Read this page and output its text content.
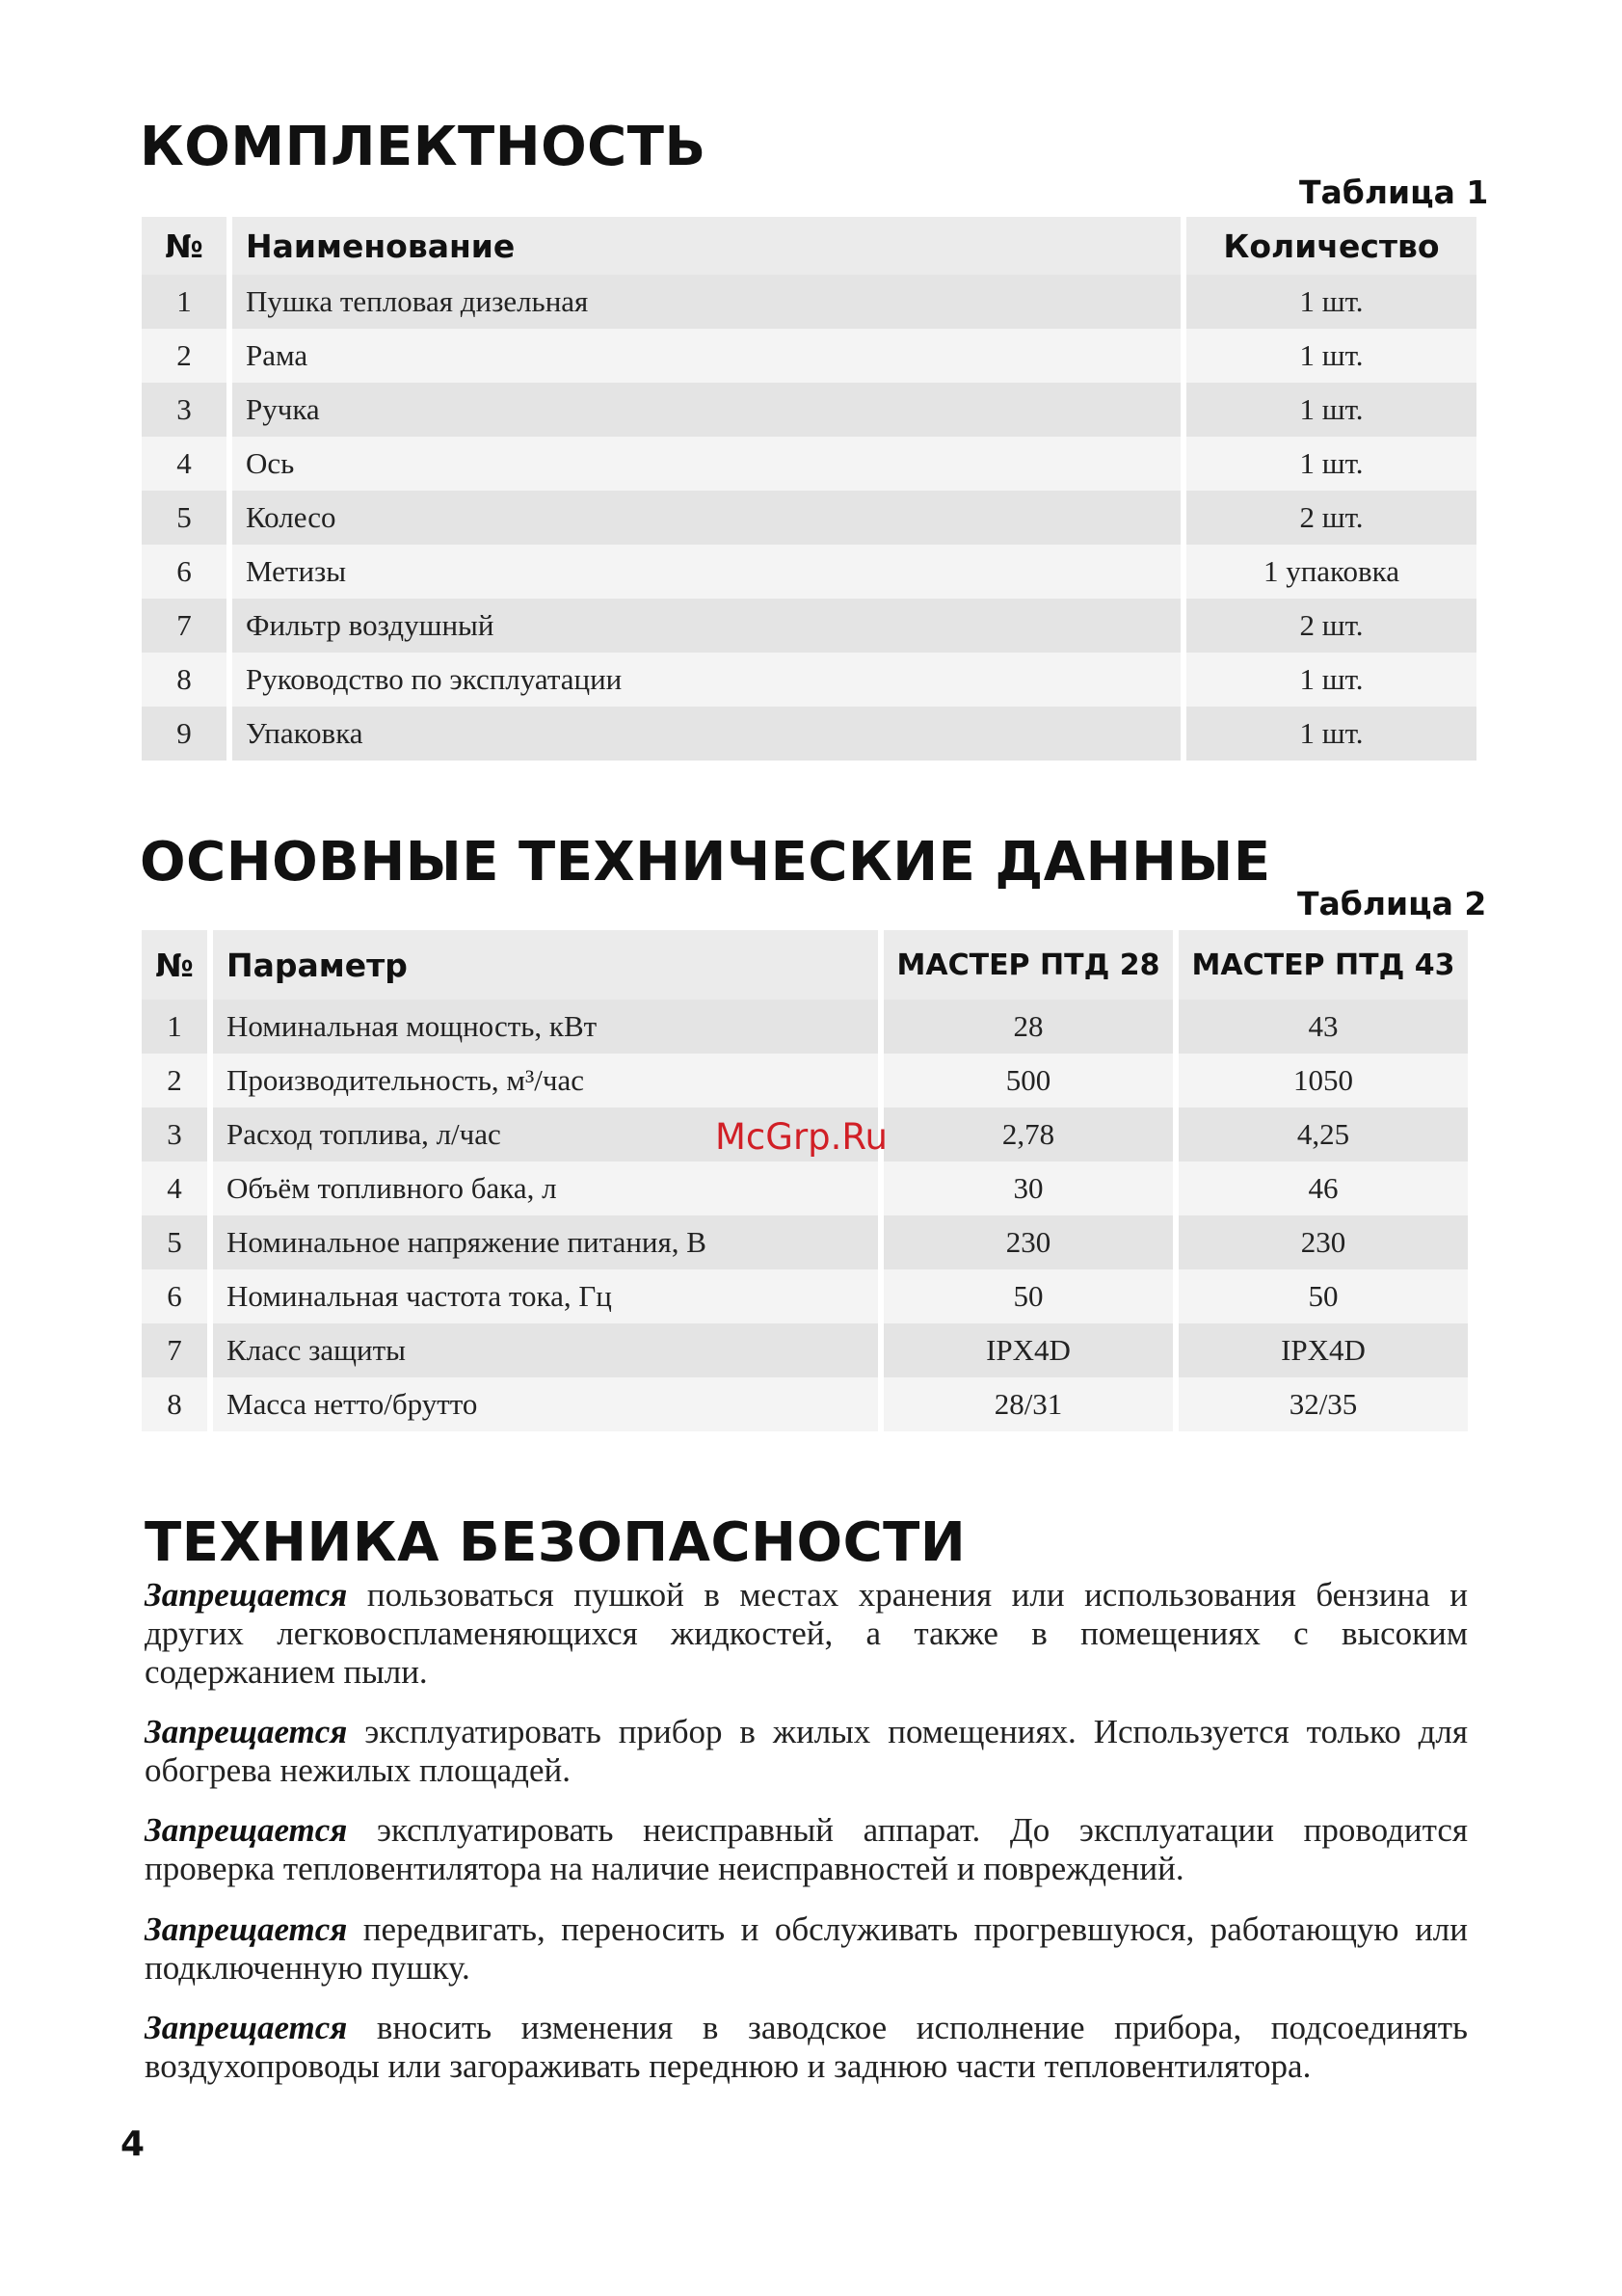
КОМПЛЕКТНОСТЬ
Таблица 1
№	Наименование	Количество
1	Пушка тепловая дизельная	1 шт.
2	Рама	1 шт.
3	Ручка	1 шт.
4	Ось	1 шт.
5	Колесо	2 шт.
6	Метизы	1 упаковка
7	Фильтр воздушный	2 шт.
8	Руководство по эксплуатации	1 шт.
9	Упаковка	1 шт.
ОСНОВНЫЕ ТЕХНИЧЕСКИЕ ДАННЫЕ
Таблица 2
№	Параметр	МАСТЕР ПТД 28	МАСТЕР ПТД 43
1	Номинальная мощность, кВт	28	43
2	Производительность, м³/час	500	1050
3	Расход топлива, л/час	2,78	4,25
4	Объём топливного бака, л	30	46
5	Номинальное напряжение питания, В	230	230
6	Номинальная частота тока, Гц	50	50
7	Класс защиты	IPX4D	IPX4D
8	Масса нетто/брутто	28/31	32/35
McGrp.Ru
ТЕХНИКА БЕЗОПАСНОСТИ

Запрещается пользоваться пушкой в местах хранения или использования бензина и других легковоспламеняющихся жидкостей, а также в помещениях с высоким содержанием пыли.

Запрещается эксплуатировать прибор в жилых помещениях. Используется только для обогрева нежилых площадей.

Запрещается эксплуатировать неисправный аппарат. До эксплуатации проводится проверка тепловентилятора на наличие неисправностей и повреждений.

Запрещается передвигать, переносить и обслуживать прогревшуюся, работающую или подключенную пушку.

Запрещается вносить изменения в заводское исполнение прибора, подсоединять воздухопроводы или загораживать переднюю и заднюю части тепловентилятора.

4
